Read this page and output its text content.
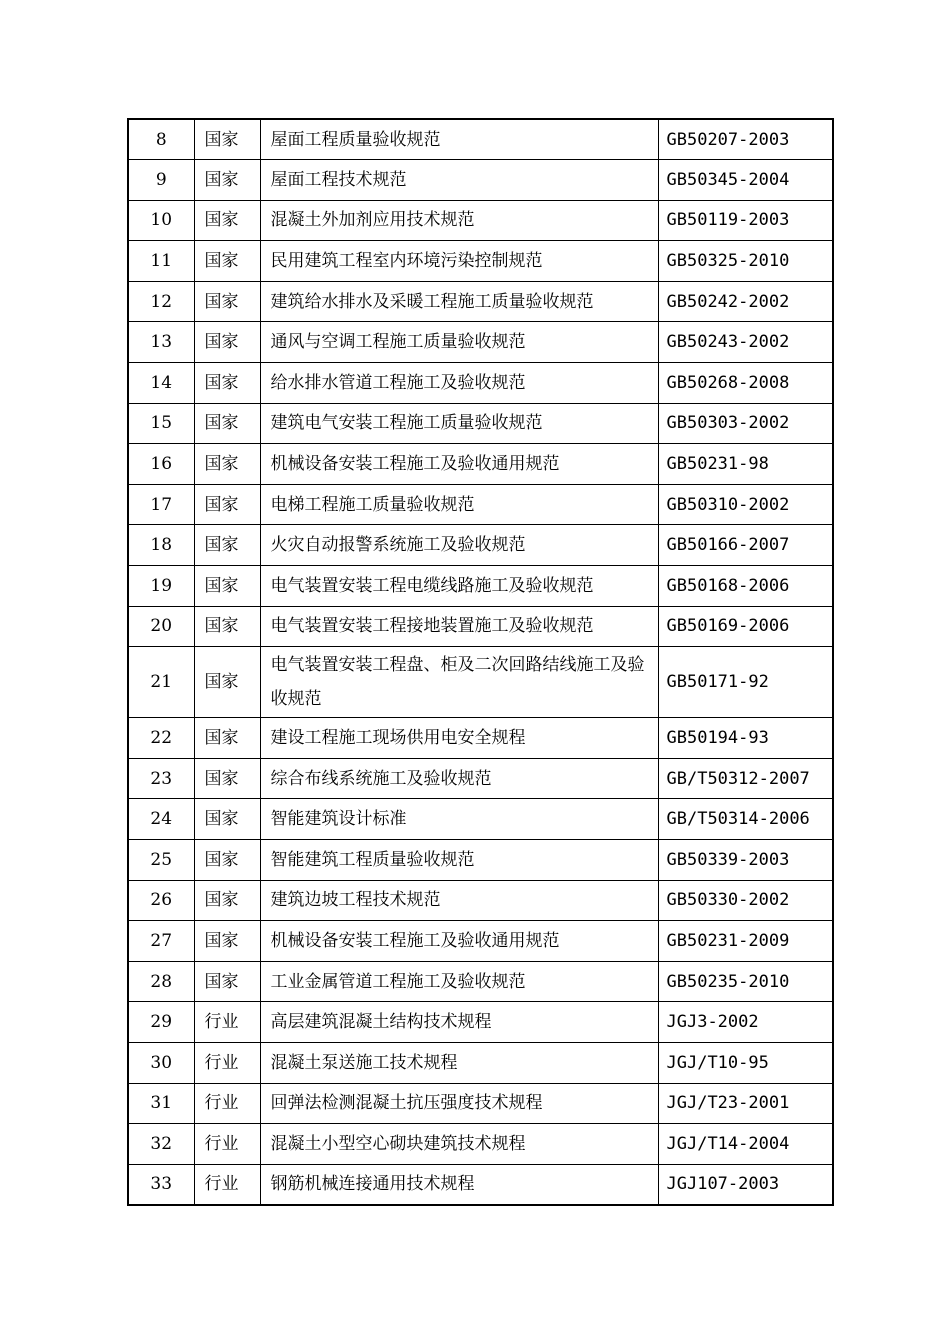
8	国家	屋面工程质量验收规范	GB50207-2003
9	国家	屋面工程技术规范	GB50345-2004
10	国家	混凝土外加剂应用技术规范	GB50119-2003
11	国家	民用建筑工程室内环境污染控制规范	GB50325-2010
12	国家	建筑给水排水及采暖工程施工质量验收规范	GB50242-2002
13	国家	通风与空调工程施工质量验收规范	GB50243-2002
14	国家	给水排水管道工程施工及验收规范	GB50268-2008
15	国家	建筑电气安装工程施工质量验收规范	GB50303-2002
16	国家	机械设备安装工程施工及验收通用规范	GB50231-98
17	国家	电梯工程施工质量验收规范	GB50310-2002
18	国家	火灾自动报警系统施工及验收规范	GB50166-2007
19	国家	电气装置安装工程电缆线路施工及验收规范	GB50168-2006
20	国家	电气装置安装工程接地装置施工及验收规范	GB50169-2006
21	国家	电气装置安装工程盘、柜及二次回路结线施工及验收规范	GB50171-92
22	国家	建设工程施工现场供用电安全规程	GB50194-93
23	国家	综合布线系统施工及验收规范	GB/T50312-2007
24	国家	智能建筑设计标准	GB/T50314-2006
25	国家	智能建筑工程质量验收规范	GB50339-2003
26	国家	建筑边坡工程技术规范	GB50330-2002
27	国家	机械设备安装工程施工及验收通用规范	GB50231-2009
28	国家	工业金属管道工程施工及验收规范	GB50235-2010
29	行业	高层建筑混凝土结构技术规程	JGJ3-2002
30	行业	混凝土泵送施工技术规程	JGJ/T10-95
31	行业	回弹法检测混凝土抗压强度技术规程	JGJ/T23-2001
32	行业	混凝土小型空心砌块建筑技术规程	JGJ/T14-2004
33	行业	钢筋机械连接通用技术规程	JGJ107-2003
